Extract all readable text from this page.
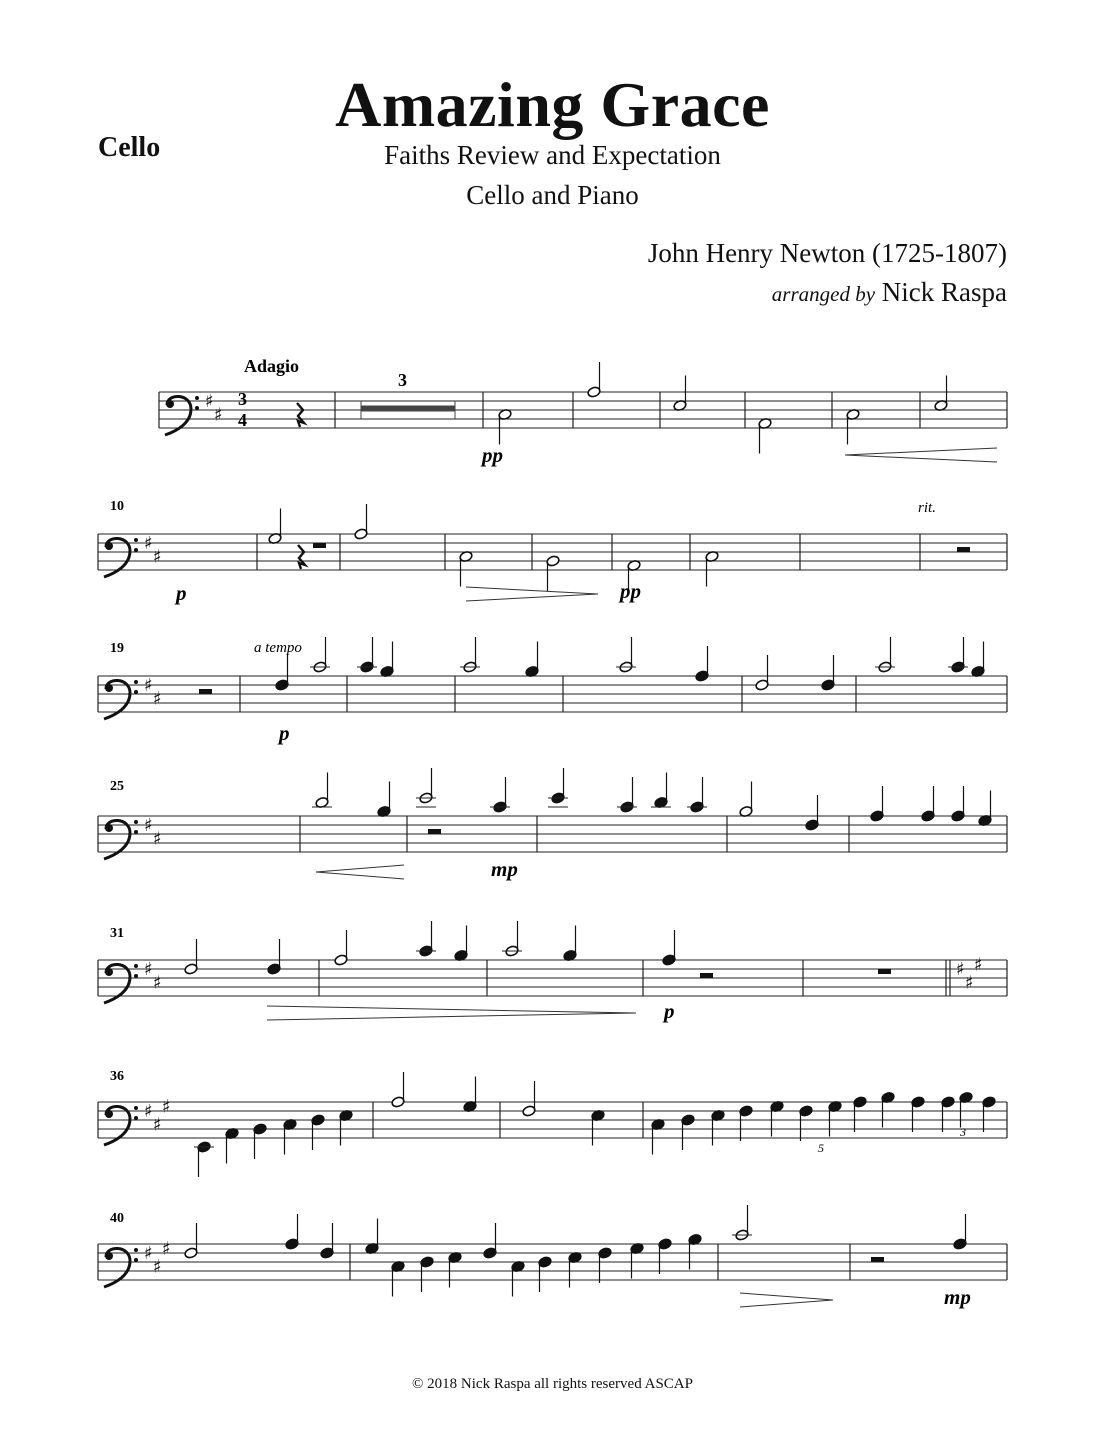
Amazing Grace
Cello	Faiths Review and Expectation
Cello and Piano
John Henry Newton (1725-1807)
arranged by Nick Raspa
♯
♯
♯
♯
♯
♯
♯
♯
♯
♯
♯
♯
♯
♯
♯
♯
♯
♯
♯
Adagio
3
4
3
pp
10
p	pp
rit.
19	a tempo
p
25
mp
31
p
36
5
3
40
mp
© 2018 Nick Raspa all rights reserved ASCAP
